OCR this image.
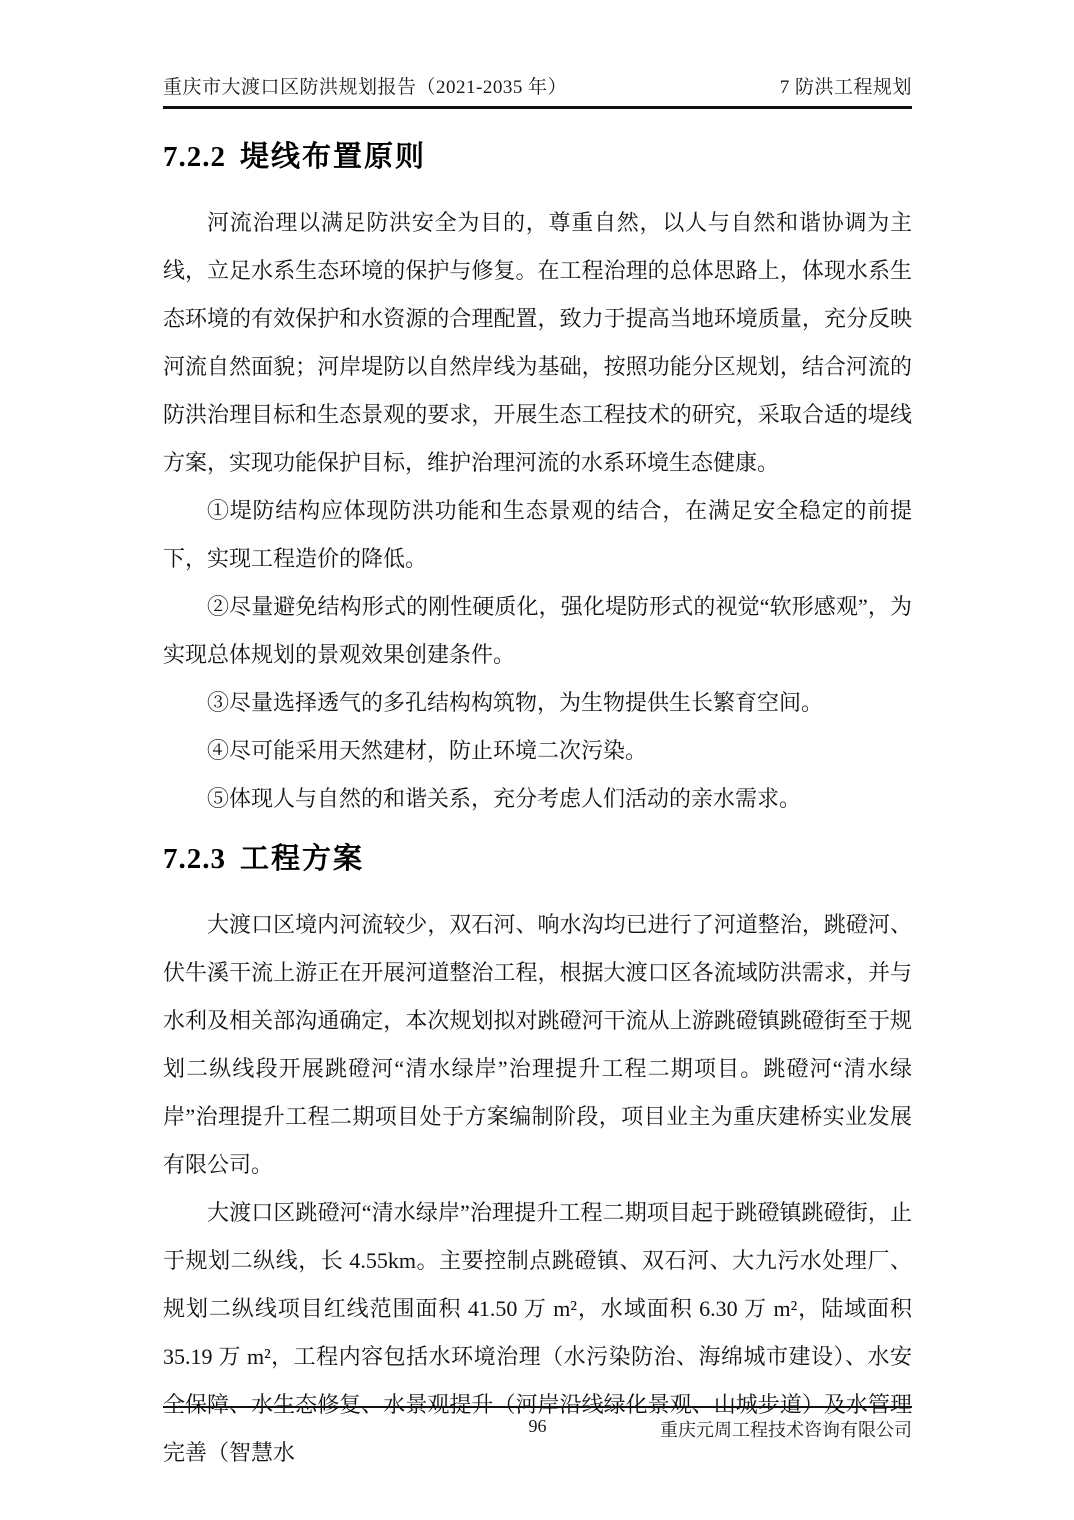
重庆市大渡口区防洪规划报告（2021-2035 年）	7 防洪工程规划
7.2.2 堤线布置原则

河流治理以满足防洪安全为目的，尊重自然，以人与自然和谐协调为主线，立足水系生态环境的保护与修复。在工程治理的总体思路上，体现水系生态环境的有效保护和水资源的合理配置，致力于提高当地环境质量，充分反映河流自然面貌；河岸堤防以自然岸线为基础，按照功能分区规划，结合河流的防洪治理目标和生态景观的要求，开展生态工程技术的研究，采取合适的堤线方案，实现功能保护目标，维护治理河流的水系环境生态健康。

①堤防结构应体现防洪功能和生态景观的结合，在满足安全稳定的前提下，实现工程造价的降低。

②尽量避免结构形式的刚性硬质化，强化堤防形式的视觉“软形感观”，为实现总体规划的景观效果创建条件。

③尽量选择透气的多孔结构构筑物，为生物提供生长繁育空间。

④尽可能采用天然建材，防止环境二次污染。

⑤体现人与自然的和谐关系，充分考虑人们活动的亲水需求。

7.2.3 工程方案

大渡口区境内河流较少，双石河、响水沟均已进行了河道整治，跳磴河、伏牛溪干流上游正在开展河道整治工程，根据大渡口区各流域防洪需求，并与水利及相关部沟通确定，本次规划拟对跳磴河干流从上游跳磴镇跳磴街至于规划二纵线段开展跳磴河“清水绿岸”治理提升工程二期项目。跳磴河“清水绿岸”治理提升工程二期项目处于方案编制阶段，项目业主为重庆建桥实业发展有限公司。

大渡口区跳磴河“清水绿岸”治理提升工程二期项目起于跳磴镇跳磴街，止于规划二纵线，长 4.55km。主要控制点跳磴镇、双石河、大九污水处理厂、规划二纵线项目红线范围面积 41.50 万 m²，水域面积 6.30 万 m²，陆域面积 35.19 万 m²，工程内容包括水环境治理（水污染防治、海绵城市建设）、水安全保障、水生态修复、水景观提升（河岸沿线绿化景观、山城步道）及水管理完善（智慧水

96	重庆元周工程技术咨询有限公司
